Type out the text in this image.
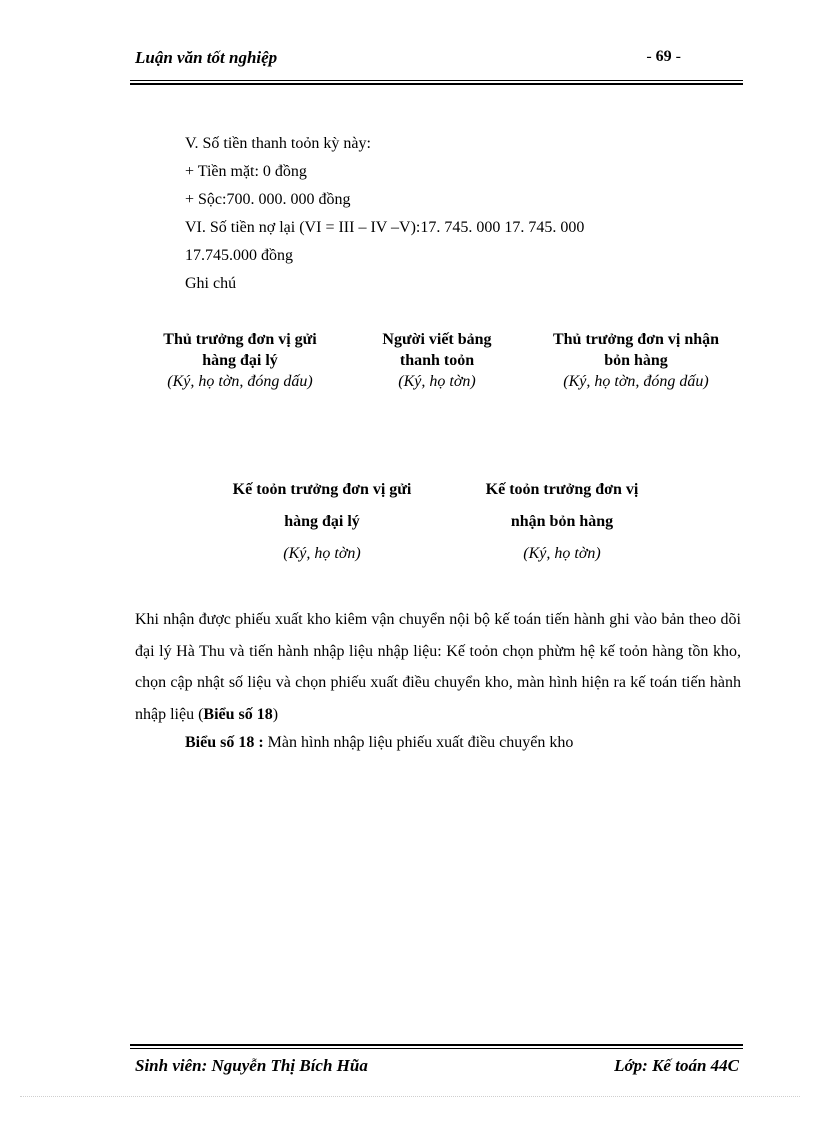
Luận văn tốt nghiệp	- 69 -
V. Số tiền thanh toỏn kỳ này:
+ Tiền mặt: 0 đồng
+ Sộc:700. 000. 000 đồng
VI. Số tiền nợ lại (VI = III – IV –V):17. 745. 000 17. 745. 000
17.745.000 đồng
Ghi chú
Thủ trưởng đơn vị gửi
hàng đại lý
(Ký, họ tờn, đóng dấu)
Người viết bảng
thanh toỏn
(Ký, họ tờn)
Thủ trưởng đơn vị nhận
bỏn hàng
(Ký, họ tờn, đóng dấu)
Kế toỏn trưởng đơn vị gửi
hàng đại lý
(Ký, họ tờn)
Kế toỏn trưởng đơn vị
nhận bỏn hàng
(Ký, họ tờn)
Khi nhận được phiếu xuất kho kiêm vận chuyển nội bộ kế toán tiến hành ghi vào bản theo dõi đại lý Hà Thu và tiến hành nhập liệu nhập liệu: Kế toỏn chọn phừm hệ kế toỏn hàng tồn kho, chọn cập nhật số liệu và chọn phiếu xuất điều chuyển kho, màn hình hiện ra kế toán tiến hành nhập liệu (Biểu số 18)
Biểu số 18 : Màn hình nhập liệu phiếu xuất điều chuyển kho
Sinh viên: Nguyễn Thị Bích Hũa	Lớp: Kế toán 44C
